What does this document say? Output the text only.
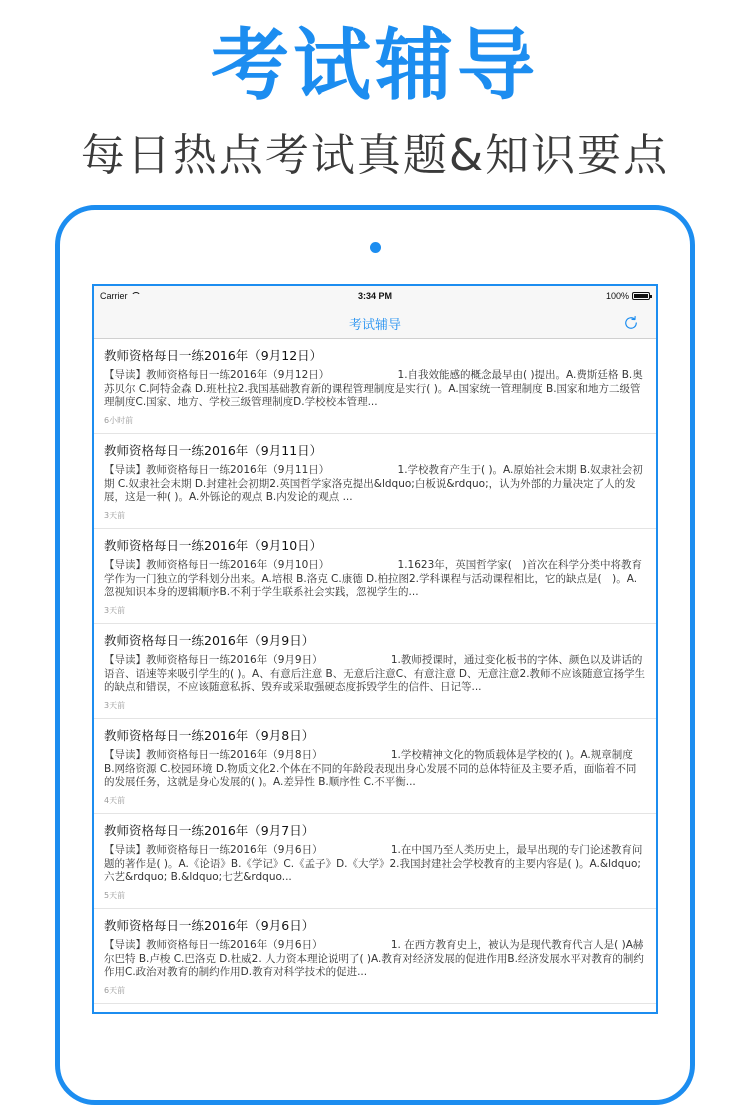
考试辅导
每日热点考试真题&知识要点
Carrier	3:34 PM	100%
考试辅导
教师资格每日一练2016年（9月12日）
【导读】教师资格每日一练2016年（9月12日）　　　　　　　1.自我效能感的概念最早由( )提出。A.费斯廷格 B.奥苏贝尔 C.阿特金森 D.班杜拉2.我国基础教育新的课程管理制度是实行( )。A.国家统一管理制度 B.国家和地方二级管理制度C.国家、地方、学校三级管理制度D.学校校本管理...
6小时前
教师资格每日一练2016年（9月11日）
【导读】教师资格每日一练2016年（9月11日）　　　　　　　1.学校教育产生于( )。A.原始社会末期 B.奴隶社会初期 C.奴隶社会末期 D.封建社会初期2.英国哲学家洛克提出&ldquo;白板说&rdquo;，认为外部的力量决定了人的发展，这是一种( )。A.外铄论的观点 B.内发论的观点 ...
3天前
教师资格每日一练2016年（9月10日）
【导读】教师资格每日一练2016年（9月10日）　　　　　　　1.1623年，英国哲学家(　)首次在科学分类中将教育学作为一门独立的学科划分出来。A.培根 B.洛克 C.康德 D.柏拉图2.学科课程与活动课程相比，它的缺点是(　)。A.忽视知识本身的逻辑顺序B.不利于学生联系社会实践，忽视学生的...
3天前
教师资格每日一练2016年（9月9日）
【导读】教师资格每日一练2016年（9月9日）　　　　　　　1.教师授课时，通过变化板书的字体、颜色以及讲话的语音、语速等来吸引学生的( )。A、有意后注意 B、无意后注意C、有意注意 D、无意注意2.教师不应该随意宣扬学生的缺点和错误，不应该随意私拆、毁弃或采取强硬态度拆毁学生的信件、日记等...
3天前
教师资格每日一练2016年（9月8日）
【导读】教师资格每日一练2016年（9月8日）　　　　　　　1.学校精神文化的物质载体是学校的( )。A.规章制度 B.网络资源 C.校园环境 D.物质文化2.个体在不同的年龄段表现出身心发展不同的总体特征及主要矛盾，面临着不同的发展任务，这就是身心发展的( )。A.差异性 B.顺序性 C.不平衡...
4天前
教师资格每日一练2016年（9月7日）
【导读】教师资格每日一练2016年（9月6日）　　　　　　　1.在中国乃至人类历史上，最早出现的专门论述教育问题的著作是( )。A.《论语》B.《学记》C.《孟子》D.《大学》2.我国封建社会学校教育的主要内容是( )。A.&ldquo;六艺&rdquo; B.&ldquo;七艺&rdquo...
5天前
教师资格每日一练2016年（9月6日）
【导读】教师资格每日一练2016年（9月6日）　　　　　　　1. 在西方教育史上，被认为是现代教育代言人是( )A赫尔巴特 B.卢梭 C.巴洛克 D.杜威2. 人力资本理论说明了( )A.教育对经济发展的促进作用B.经济发展水平对教育的制约作用C.政治对教育的制约作用D.教育对科学技术的促进...
6天前
